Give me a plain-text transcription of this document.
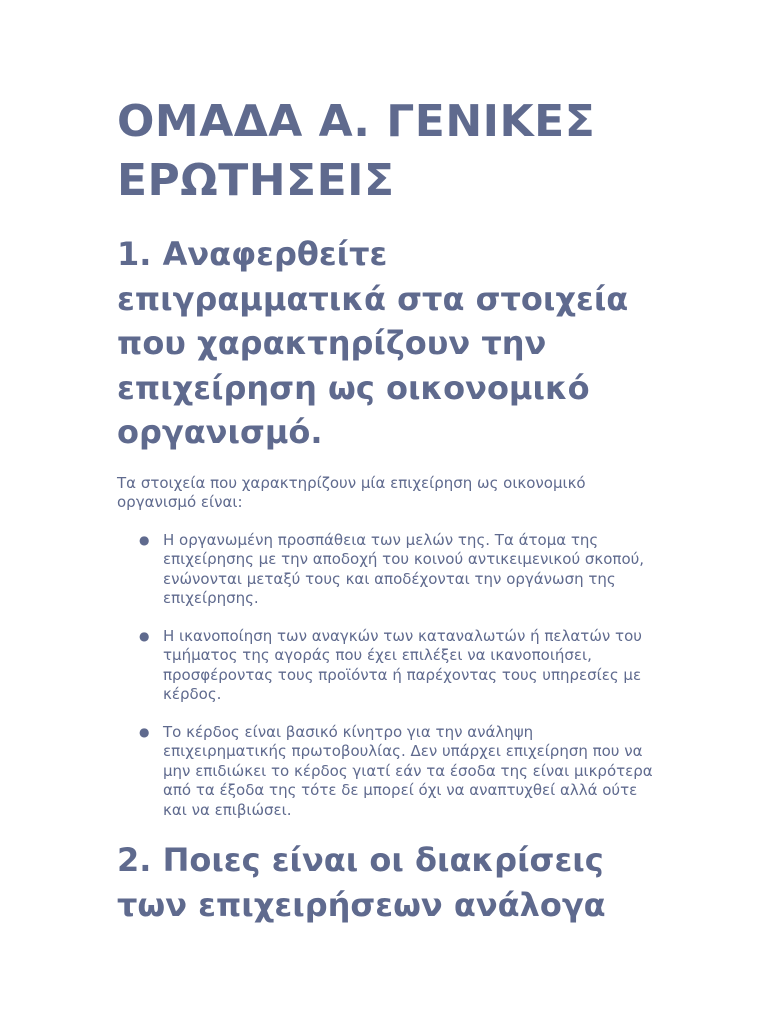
ΟΜΑΔΑ Α. ΓΕΝΙΚΕΣ ΕΡΩΤΗΣΕΙΣ
1. Αναφερθείτε επιγραμματικά στα στοιχεία που χαρακτηρίζουν την επιχείρηση ως οικονομικό οργανισμό.

Τα στοιχεία που χαρακτηρίζουν μία επιχείρηση ως οικονομικό οργανισμό είναι:

● Η οργανωμένη προσπάθεια των μελών της. Τα άτομα της επιχείρησης με την αποδοχή του κοινού αντικειμενικού σκοπού, ενώνονται μεταξύ τους και αποδέχονται την οργάνωση της επιχείρησης.
● Η ικανοποίηση των αναγκών των καταναλωτών ή πελατών του τμήματος της αγοράς που έχει επιλέξει να ικανοποιήσει, προσφέροντας τους προϊόντα ή παρέχοντας τους υπηρεσίες με κέρδος.
● Το κέρδος είναι βασικό κίνητρο για την ανάληψη επιχειρηματικής πρωτοβουλίας. Δεν υπάρχει επιχείρηση που να μην επιδιώκει το κέρδος γιατί εάν τα έσοδα της είναι μικρότερα από τα έξοδα της τότε δε μπορεί όχι να αναπτυχθεί αλλά ούτε και να επιβιώσει.
2. Ποιες είναι οι διακρίσεις των επιχειρήσεων ανάλογα
